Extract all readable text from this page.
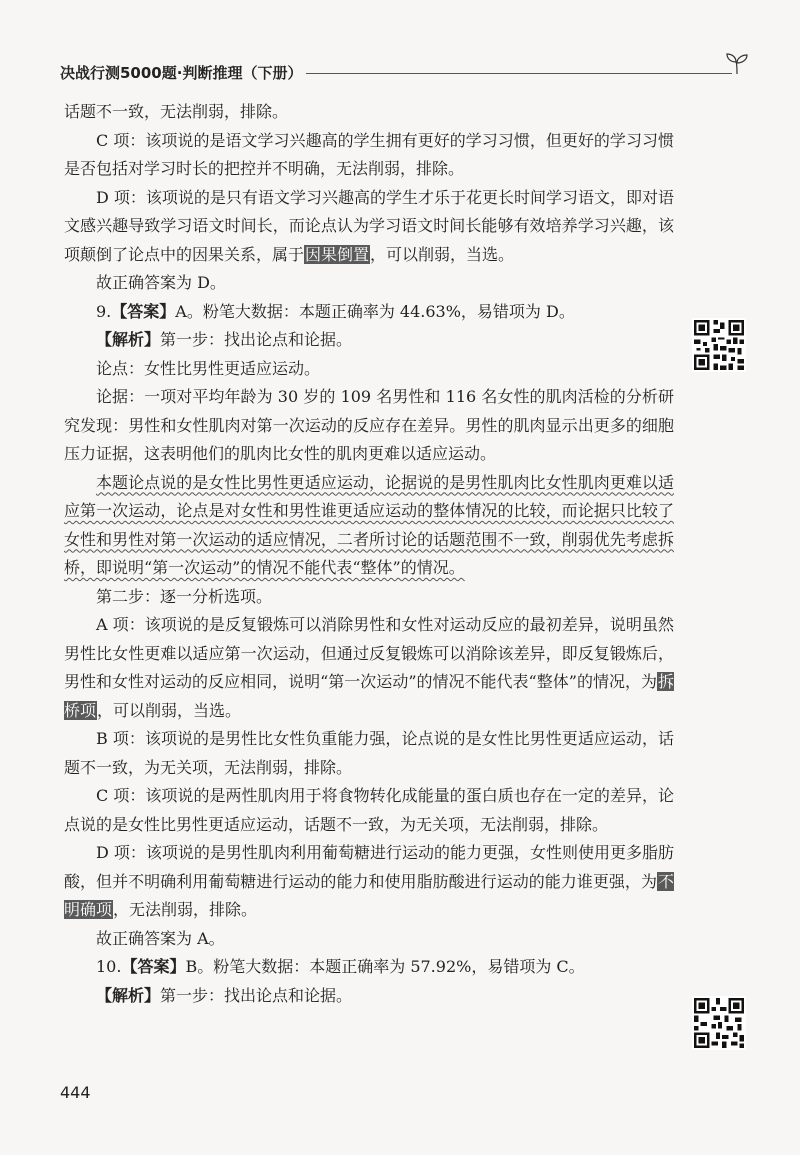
决战行测5000题·判断推理（下册）

话题不一致，无法削弱，排除。

C 项：该项说的是语文学习兴趣高的学生拥有更好的学习习惯，但更好的学习习惯是否包括对学习时长的把控并不明确，无法削弱，排除。

D 项：该项说的是只有语文学习兴趣高的学生才乐于花更长时间学习语文，即对语文感兴趣导致学习语文时间长，而论点认为学习语文时间长能够有效培养学习兴趣，该项颠倒了论点中的因果关系，属于因果倒置，可以削弱，当选。

故正确答案为 D。

9.【答案】A。粉笔大数据：本题正确率为 44.63%，易错项为 D。

【解析】第一步：找出论点和论据。

论点：女性比男性更适应运动。

论据：一项对平均年龄为 30 岁的 109 名男性和 116 名女性的肌肉活检的分析研究发现：男性和女性肌肉对第一次运动的反应存在差异。男性的肌肉显示出更多的细胞压力证据，这表明他们的肌肉比女性的肌肉更难以适应运动。

本题论点说的是女性比男性更适应运动，论据说的是男性肌肉比女性肌肉更难以适应第一次运动，论点是对女性和男性谁更适应运动的整体情况的比较，而论据只比较了女性和男性对第一次运动的适应情况，二者所讨论的话题范围不一致，削弱优先考虑拆桥，即说明“第一次运动”的情况不能代表“整体”的情况。

第二步：逐一分析选项。

A 项：该项说的是反复锻炼可以消除男性和女性对运动反应的最初差异，说明虽然男性比女性更难以适应第一次运动，但通过反复锻炼可以消除该差异，即反复锻炼后，男性和女性对运动的反应相同，说明“第一次运动”的情况不能代表“整体”的情况，为拆桥项，可以削弱，当选。

B 项：该项说的是男性比女性负重能力强，论点说的是女性比男性更适应运动，话题不一致，为无关项，无法削弱，排除。

C 项：该项说的是两性肌肉用于将食物转化成能量的蛋白质也存在一定的差异，论点说的是女性比男性更适应运动，话题不一致，为无关项，无法削弱，排除。

D 项：该项说的是男性肌肉利用葡萄糖进行运动的能力更强，女性则使用更多脂肪酸，但并不明确利用葡萄糖进行运动的能力和使用脂肪酸进行运动的能力谁更强，为不明确项，无法削弱，排除。

故正确答案为 A。

10.【答案】B。粉笔大数据：本题正确率为 57.92%，易错项为 C。

【解析】第一步：找出论点和论据。

444
